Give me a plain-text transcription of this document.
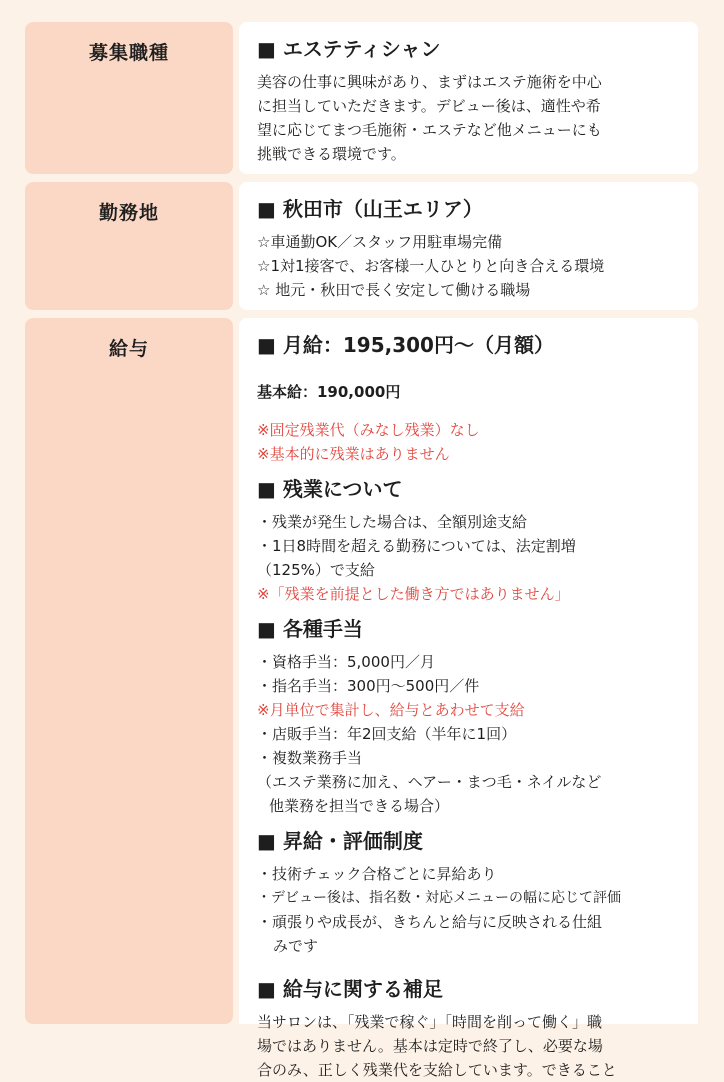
募集職種	■ エステティシャン

美容の仕事に興味があり、まずはエステ施術を中心
に担当していただきます。デビュー後は、適性や希
望に応じてまつ毛施術・エステなど他メニューにも
挑戦できる環境です。

勤務地	■ 秋田市（山王エリア）

☆車通勤OK／スタッフ用駐車場完備
☆1対1接客で、お客様一人ひとりと向き合える環境
☆ 地元・秋田で長く安定して働ける職場

給与	■ 月給：195,300円〜（月額）

基本給：190,000円

※固定残業代（みなし残業）なし
※基本的に残業はありません

■ 残業について

・残業が発生した場合は、全額別途支給
・1日8時間を超える勤務については、法定割増
（125%）で支給
※「残業を前提とした働き方ではありません」

■ 各種手当

・資格手当：5,000円／月
・指名手当：300円〜500円／件
※月単位で集計し、給与とあわせて支給
・店販手当：年2回支給（半年に1回）
・複数業務手当
（エステ業務に加え、ヘアー・まつ毛・ネイルなど
他業務を担当できる場合）

■ 昇給・評価制度

・技術チェック合格ごとに昇給あり
・デビュー後は、指名数・対応メニューの幅に応じて評価
・頑張りや成長が、きちんと給与に反映される仕組
みです

■ 給与に関する補足

当サロンは、「残業で稼ぐ」「時間を削って働く」職
場ではありません。基本は定時で終了し、必要な場
合のみ、正しく残業代を支給しています。できること
